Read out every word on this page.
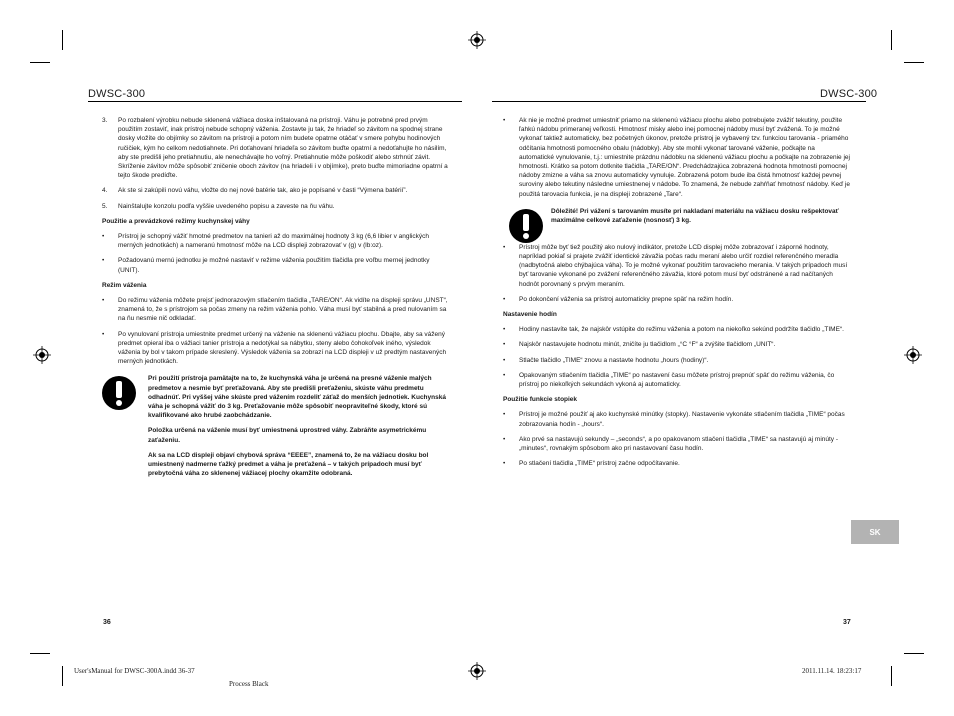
DWSC-300	DWSC-300
3. Po rozbalení výrobku nebude sklenená vážiaca doska inštalovaná na prístroji. Váhu je potrebné pred prvým použitím zostaviť, inak prístroj nebude schopný váženia. Zostavte ju tak, že hriadeľ so závitom na spodnej strane dosky vložíte do objímky so závitom na prístroji a potom ním budete opatrne otáčať v smere pohybu hodinových ručičiek, kým ho celkom nedotiahnete. Pri doťahovaní hriadeľa so závitom buďte opatrní a nedoťahujte ho násilím, aby ste predišli jeho pretiahnutiu, ale nenechávajte ho voľný. Pretiahnutie môže poškodiť alebo strhnúť závit. Skríženie závitov môže spôsobiť zničenie oboch závitov (na hriadeli i v objímke), preto buďte mimoriadne opatrní a tejto škode predíďte.
4. Ak ste si zakúpili novú váhu, vložte do nej nové batérie tak, ako je popísané v časti “Výmena batérií”.
5. Nainštalujte konzolu podľa vyššie uvedeného popisu a zaveste na ňu váhu.
Použitie a prevádzkové režimy kuchynskej váhy
• Prístroj je schopný vážiť hmotné predmetov na tanieri až do maximálnej hodnoty 3 kg (6,6 libier v anglických merných jednotkách) a nameranú hmotnosť môže na LCD displeji zobrazovať v (g) v (lb:oz).
• Požadovanú mernú jednotku je možné nastaviť v režime váženia použitím tlačidla pre voľbu mernej jednotky (UNIT).
Režim váženia
• Do režimu váženia môžete prejsť jednorazovým stlačením tlačidla „TARE/ON“. Ak vidíte na displeji správu „UNST“, znamená to, že s prístrojom sa počas zmeny na režim váženia pohlo. Váha musí byť stabilná a pred nulovaním sa na ňu nesmie nič odkladať.
• Po vynulovaní prístroja umiestnite predmet určený na váženie na sklenenú vážiacu plochu. Dbajte, aby sa vážený predmet opieral iba o vážiaci tanier prístroja a nedotýkal sa nábytku, steny alebo čohokoľvek iného, výsledok váženia by bol v takom prípade skreslený. Výsledok váženia sa zobrazí na LCD displeji v už predtým nastavených merných jednotkách.

Pri použití prístroja pamätajte na to, že kuchynská váha je určená na presné váženie malých predmetov a nesmie byť preťažovaná. Aby ste predišli preťaženiu, skúste váhu predmetu odhadnúť. Pri vyššej váhe skúste pred vážením rozdeliť záťaž do menších jednotiek. Kuchynská váha je schopná vážiť do 3 kg. Preťažovanie môže spôsobiť neopraviteľné škody, ktoré sú kvalifikované ako hrubé zaobchádzanie.

Položka určená na váženie musí byť umiestnená uprostred váhy. Zabráňte asymetrickému zaťaženiu.

Ak sa na LCD displeji objaví chybová správa “EEEE”, znamená to, že na vážiacu dosku bol umiestnený nadmerne ťažký predmet a váha je preťažená – v takých prípadoch musí byť prebytočná váha zo sklenenej vážiacej plochy okamžite odobraná.

• Ak nie je možné predmet umiestniť priamo na sklenenú vážiacu plochu alebo potrebujete zvážiť tekutiny, použite ľahkú nádobu primeranej veľkosti. Hmotnosť misky alebo inej pomocnej nádoby musí byť zvážená. To je možné vykonať taktiež automaticky, bez početných úkonov, pretože prístroj je vybavený tzv. funkciou tarovania - priamého odčítania hmotnosti pomocného obalu (nádobky). Aby ste mohli vykonať tarované váženie, počkajte na automatické vynulovanie, t.j.: umiestnite prázdnu nádobku na sklenenú vážiacu plochu a počkajte na zobrazenie jej hmotnosti. Krátko sa potom dotknite tlačidla „TARE/ON“. Predchádzajúca zobrazená hodnota hmotnosti pomocnej nádoby zmizne a váha sa znovu automaticky vynuluje. Zobrazená potom bude iba čistá hmotnosť každej pevnej suroviny alebo tekutiny následne umiestnenej v nádobe. To znamená, že nebude zahŕňať hmotnosť nádoby. Keď je použitá tarovacia funkcia, je na displeji zobrazené „Tare“.

Dôležité! Pri vážení s tarovaním musíte pri nakladaní materiálu na vážiacu dosku rešpektovať maximálne celkové zaťaženie (nosnosť) 3 kg.

• Prístroj môže byť tiež použitý ako nulový indikátor, pretože LCD displej môže zobrazovať i záporné hodnoty, napríklad pokiaľ si prajete zvážiť identické závažia počas radu meraní alebo určiť rozdiel referenčného meradla (nadbytočná alebo chýbajúca váha). To je možné vykonať použitím tarovacieho merania. V takých prípadoch musí byť tarovanie vykonané po zvážení referenčného závažia, ktoré potom musí byť odstránené a rad načítaných hodnôt porovnaný s prvým meraním.
• Po dokončení váženia sa prístroj automaticky prepne späť na režim hodín.
Nastavenie hodín
• Hodiny nastavíte tak, že najskôr vstúpite do režimu váženia a potom na niekoľko sekúnd podržíte tlačidlo „TIME“.
• Najskôr nastavujete hodnotu minút, zničíte ju tlačidlom „°C °F“ a zvýšite tlačidlom „UNIT“.
• Stlačte tlačidlo „TIME“ znovu a nastavte hodnotu „hours (hodiny)“.
• Opakovaným stlačením tlačidla „TIME“ po nastavení času môžete prístroj prepnúť späť do režimu váženia, čo prístroj po niekoľkých sekundách vykoná aj automaticky.
Použitie funkcie stopiek
• Prístroj je možné použiť aj ako kuchynské minútky (stopky). Nastavenie vykonáte stlačením tlačidla „TIME“ počas zobrazovania hodín - „hours“.
• Ako prvé sa nastavujú sekundy – „seconds“, a po opakovanom stlačení tlačidla „TIME“ sa nastavujú aj minúty - „minutes“, rovnakým spôsobom ako pri nastavovaní času hodín.
• Po stlačení tlačidla „TIME“ prístroj začne odpočítavanie.
SK
36	37
User'sManual for DWSC-300A.indd 36-37	2011.11.14. 18:23:17
Process Black
